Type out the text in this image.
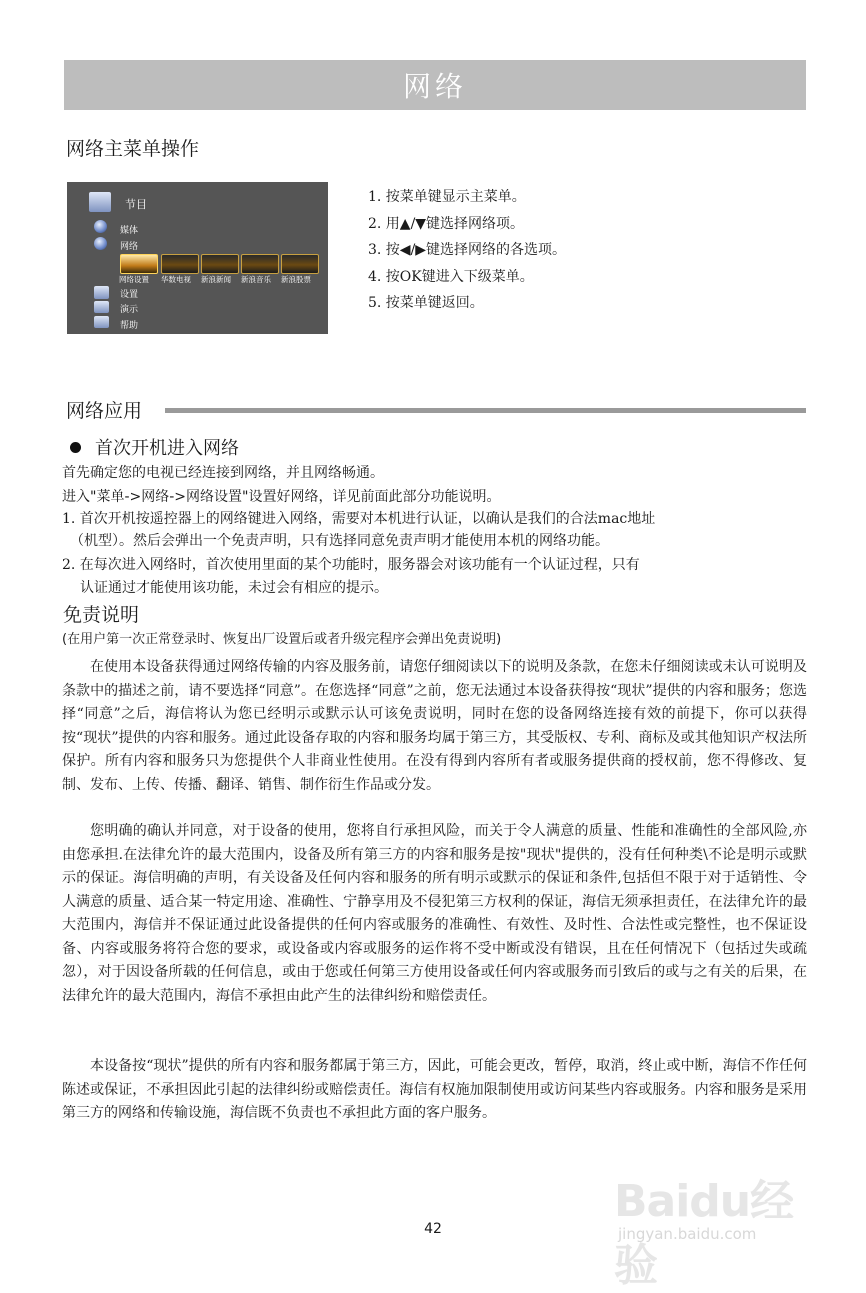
网络
网络主菜单操作
节目
媒体
网络
网络设置 华数电视 新浪新闻 新浪音乐 新浪股票
设置
演示
帮助
1. 按菜单键显示主菜单。
2. 用▲/▼键选择网络项。
3. 按◀/▶键选择网络的各选项。
4. 按OK键进入下级菜单。
5. 按菜单键返回。
网络应用
首次开机进入网络
首先确定您的电视已经连接到网络，并且网络畅通。
进入"菜单->网络->网络设置"设置好网络，详见前面此部分功能说明。
1. 首次开机按遥控器上的网络键进入网络，需要对本机进行认证，以确认是我们的合法mac地址
（机型）。然后会弹出一个免责声明，只有选择同意免责声明才能使用本机的网络功能。
2. 在每次进入网络时，首次使用里面的某个功能时，服务器会对该功能有一个认证过程，只有
认证通过才能使用该功能，未过会有相应的提示。
免责说明
(在用户第一次正常登录时、恢复出厂设置后或者升级完程序会弹出免责说明)

在使用本设备获得通过网络传输的内容及服务前，请您仔细阅读以下的说明及条款，在您未仔细阅读或未认可说明及条款中的描述之前，请不要选择“同意”。在您选择“同意”之前，您无法通过本设备获得按“现状”提供的内容和服务；您选择“同意”之后，海信将认为您已经明示或默示认可该免责说明，同时在您的设备网络连接有效的前提下，你可以获得按“现状”提供的内容和服务。通过此设备存取的内容和服务均属于第三方，其受版权、专利、商标及或其他知识产权法所保护。所有内容和服务只为您提供个人非商业性使用。在没有得到内容所有者或服务提供商的授权前，您不得修改、复制、发布、上传、传播、翻译、销售、制作衍生作品或分发。

您明确的确认并同意，对于设备的使用，您将自行承担风险，而关于令人满意的质量、性能和准确性的全部风险,亦由您承担.在法律允许的最大范围内，设备及所有第三方的内容和服务是按"现状"提供的，没有任何种类\不论是明示或默示的保证。海信明确的声明，有关设备及任何内容和服务的所有明示或默示的保证和条件,包括但不限于对于适销性、令人满意的质量、适合某一特定用途、准确性、宁静享用及不侵犯第三方权利的保证，海信无须承担责任，在法律允许的最大范围内，海信并不保证通过此设备提供的任何内容或服务的准确性、有效性、及时性、合法性或完整性，也不保证设备、内容或服务将符合您的要求，或设备或内容或服务的运作将不受中断或没有错误，且在任何情况下（包括过失或疏忽），对于因设备所载的任何信息，或由于您或任何第三方使用设备或任何内容或服务而引致后的或与之有关的后果，在法律允许的最大范围内，海信不承担由此产生的法律纠纷和赔偿责任。

本设备按“现状”提供的所有内容和服务都属于第三方，因此，可能会更改，暂停，取消，终止或中断，海信不作任何陈述或保证，不承担因此引起的法律纠纷或赔偿责任。海信有权施加限制使用或访问某些内容或服务。内容和服务是采用第三方的网络和传输设施，海信既不负责也不承担此方面的客户服务。

42
Baidu经验
jingyan.baidu.com
